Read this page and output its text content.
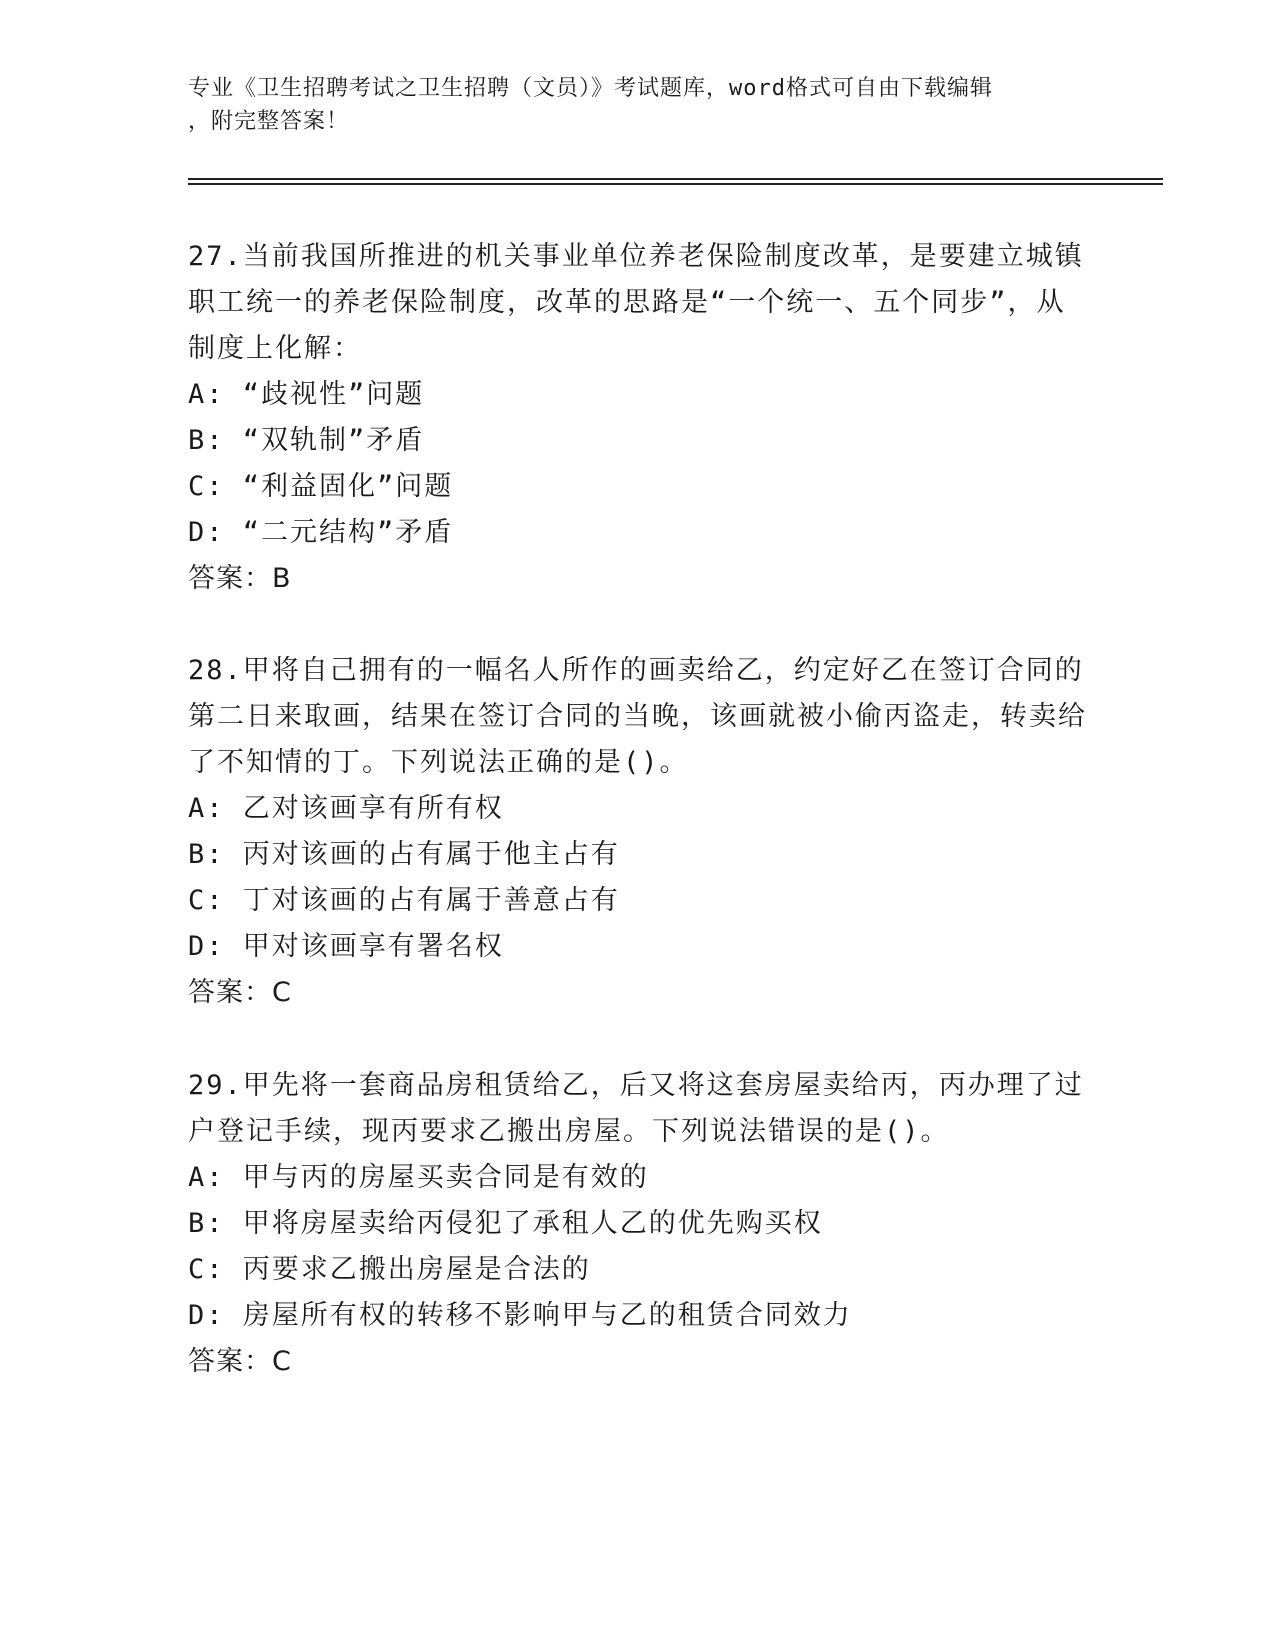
专业《卫生招聘考试之卫生招聘（文员）》考试题库，word格式可自由下载编辑
，附完整答案！
27.当前我国所推进的机关事业单位养老保险制度改革，是要建立城镇职工统一的养老保险制度，改革的思路是“一个统一、五个同步”，从制度上化解：
A: “歧视性”问题
B: “双轨制”矛盾
C: “利益固化”问题
D: “二元结构”矛盾
答案：B
28.甲将自己拥有的一幅名人所作的画卖给乙，约定好乙在签订合同的第二日来取画，结果在签订合同的当晚，该画就被小偷丙盗走，转卖给了不知情的丁。下列说法正确的是()。
A: 乙对该画享有所有权
B: 丙对该画的占有属于他主占有
C: 丁对该画的占有属于善意占有
D: 甲对该画享有署名权
答案：C
29.甲先将一套商品房租赁给乙，后又将这套房屋卖给丙，丙办理了过户登记手续，现丙要求乙搬出房屋。下列说法错误的是()。
A: 甲与丙的房屋买卖合同是有效的
B: 甲将房屋卖给丙侵犯了承租人乙的优先购买权
C: 丙要求乙搬出房屋是合法的
D: 房屋所有权的转移不影响甲与乙的租赁合同效力
答案：C
